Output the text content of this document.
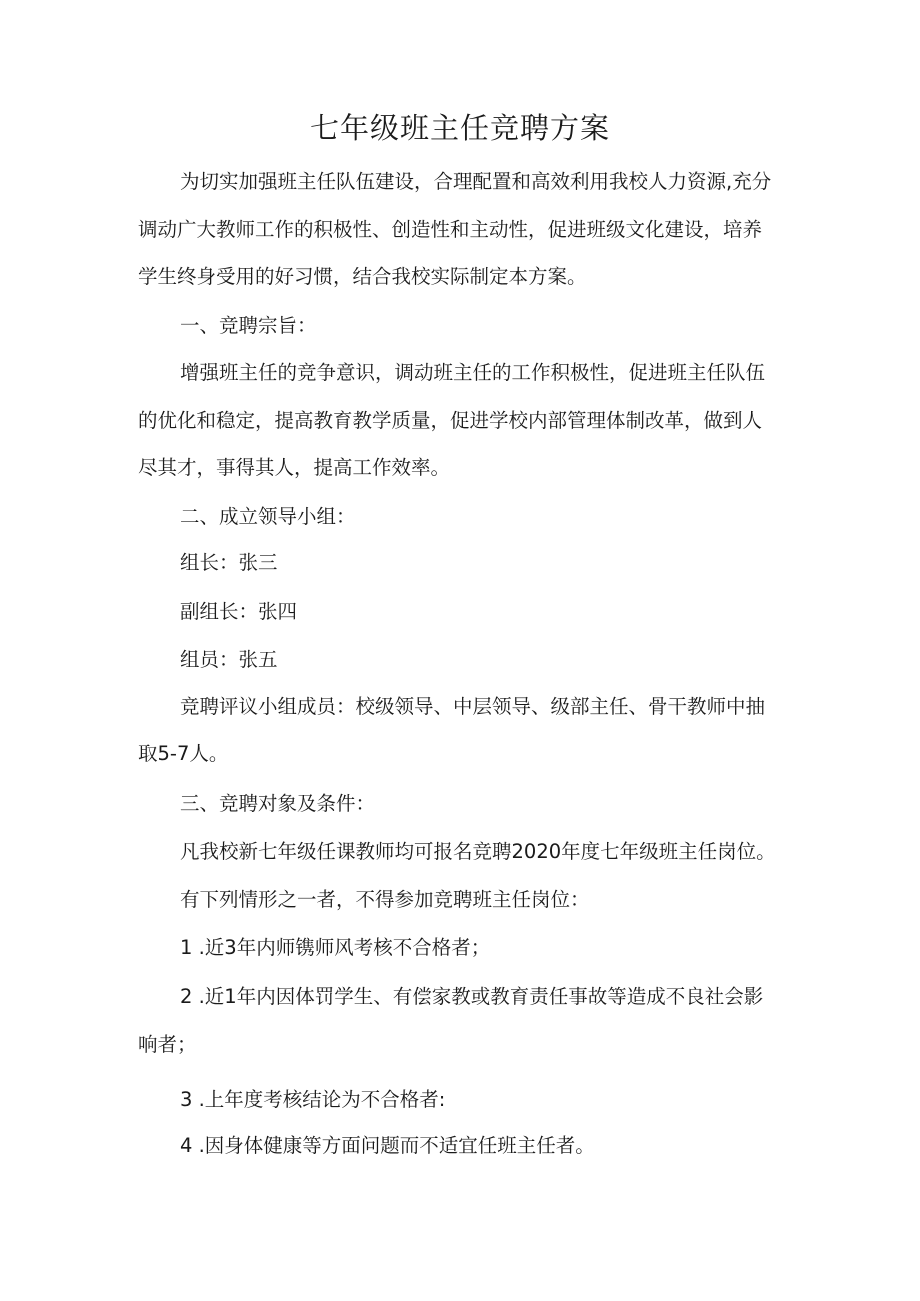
七年级班主任竞聘方案

为切实加强班主任队伍建设，合理配置和高效利用我校人力资源,充分

调动广大教师工作的积极性、创造性和主动性，促进班级文化建设，培养

学生终身受用的好习惯，结合我校实际制定本方案。

一、竞聘宗旨：

增强班主任的竞争意识，调动班主任的工作积极性，促进班主任队伍

的优化和稳定，提高教育教学质量，促进学校内部管理体制改革，做到人

尽其才，事得其人，提高工作效率。

二、成立领导小组：

组长：张三

副组长：张四

组员：张五

竞聘评议小组成员：校级领导、中层领导、级部主任、骨干教师中抽

取5-7人。

三、竞聘对象及条件：

凡我校新七年级任课教师均可报名竞聘2020年度七年级班主任岗位。

有下列情形之一者，不得参加竞聘班主任岗位：

1 .近3年内师镌师风考核不合格者；

2 .近1年内因体罚学生、有偿家教或教育责任事故等造成不良社会影

响者；

3 .上年度考核结论为不合格者:

4 .因身体健康等方面问题而不适宜任班主任者。
